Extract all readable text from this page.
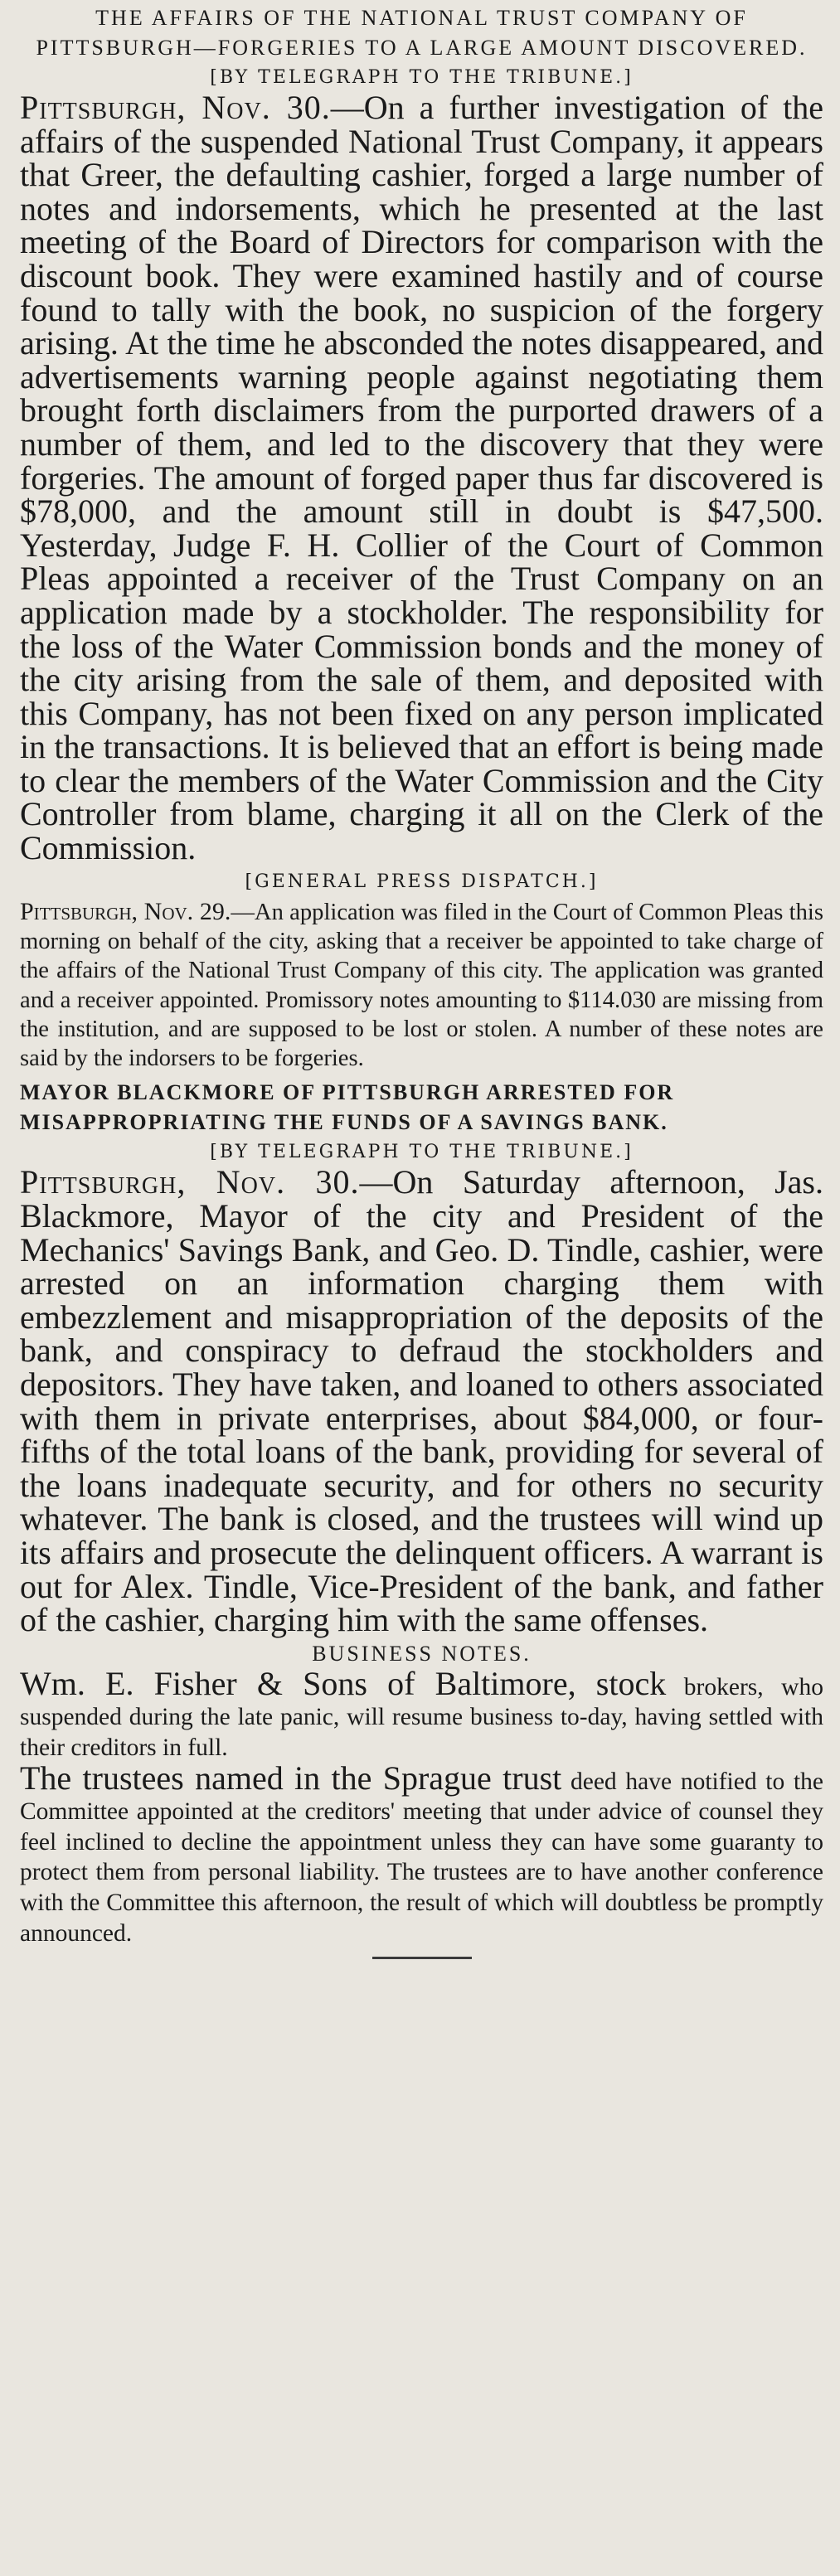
THE AFFAIRS OF THE NATIONAL TRUST COMPANY OF PITTSBURGH—FORGERIES TO A LARGE AMOUNT DISCOVERED.

[BY TELEGRAPH TO THE TRIBUNE.]

Pittsburgh, Nov. 30.—On a further investigation of the affairs of the suspended National Trust Company, it appears that Greer, the defaulting cashier, forged a large number of notes and indorsements, which he presented at the last meeting of the Board of Directors for comparison with the discount book. They were examined hastily and of course found to tally with the book, no suspicion of the forgery arising. At the time he absconded the notes disappeared, and advertisements warning people against negotiating them brought forth disclaimers from the purported drawers of a number of them, and led to the discovery that they were forgeries. The amount of forged paper thus far discovered is $78,000, and the amount still in doubt is $47,500. Yesterday, Judge F. H. Collier of the Court of Common Pleas appointed a receiver of the Trust Company on an application made by a stockholder. The responsibility for the loss of the Water Commission bonds and the money of the city arising from the sale of them, and deposited with this Company, has not been fixed on any person implicated in the transactions. It is believed that an effort is being made to clear the members of the Water Commission and the City Controller from blame, charging it all on the Clerk of the Commission.

[GENERAL PRESS DISPATCH.]

Pittsburgh, Nov. 29.—An application was filed in the Court of Common Pleas this morning on behalf of the city, asking that a receiver be appointed to take charge of the affairs of the National Trust Company of this city. The application was granted and a receiver appointed. Promissory notes amounting to $114.030 are missing from the institution, and are supposed to be lost or stolen. A number of these notes are said by the indorsers to be forgeries.

MAYOR BLACKMORE OF PITTSBURGH ARRESTED FOR MISAPPROPRIATING THE FUNDS OF A SAVINGS BANK.

[BY TELEGRAPH TO THE TRIBUNE.]

Pittsburgh, Nov. 30.—On Saturday afternoon, Jas. Blackmore, Mayor of the city and President of the Mechanics' Savings Bank, and Geo. D. Tindle, cashier, were arrested on an information charging them with embezzlement and misappropriation of the deposits of the bank, and conspiracy to defraud the stockholders and depositors. They have taken, and loaned to others associated with them in private enterprises, about $84,000, or four-fifths of the total loans of the bank, providing for several of the loans inadequate security, and for others no security whatever. The bank is closed, and the trustees will wind up its affairs and prosecute the delinquent officers. A warrant is out for Alex. Tindle, Vice-President of the bank, and father of the cashier, charging him with the same offenses.

BUSINESS NOTES.

Wm. E. Fisher & Sons of Baltimore, stock brokers, who suspended during the late panic, will resume business to-day, having settled with their creditors in full.

The trustees named in the Sprague trust deed have notified to the Committee appointed at the creditors' meeting that under advice of counsel they feel inclined to decline the appointment unless they can have some guaranty to protect them from personal liability. The trustees are to have another conference with the Committee this afternoon, the result of which will doubtless be promptly announced.
